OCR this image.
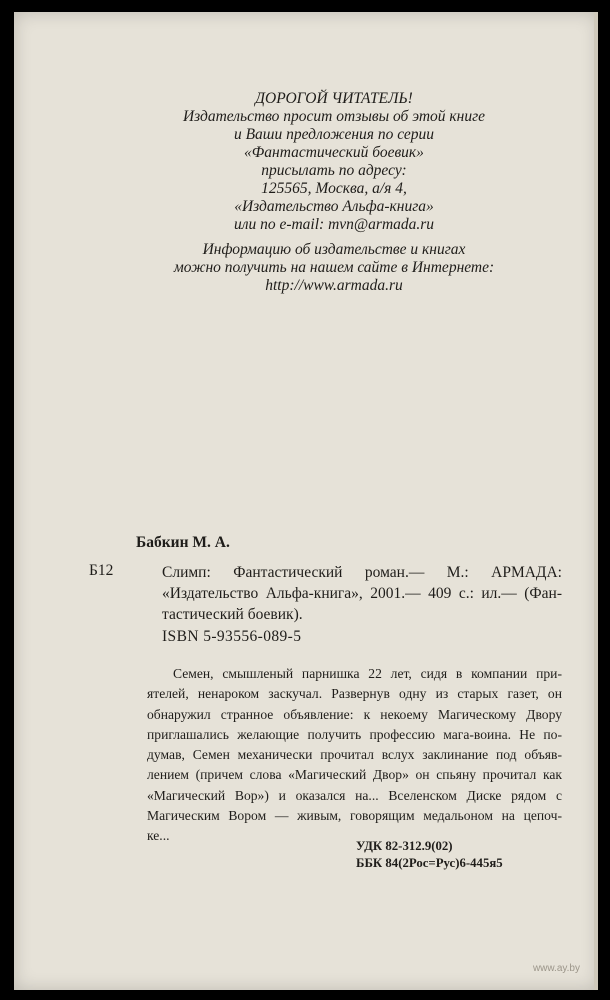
ДОРОГОЙ ЧИТАТЕЛЬ!
Издательство просит отзывы об этой книге
и Ваши предложения по серии
«Фантастический боевик»
присылать по адресу:
125565, Москва, а/я 4,
«Издательство Альфа-книга»
или по e-mail: mvn@armada.ru
Информацию об издательстве и книгах
можно получить на нашем сайте в Интернете:
http://www.armada.ru
Бабкин М. А.
Б12	Слимп: Фантастический роман.— М.: АРМАДА:
«Издательство Альфа-книга», 2001.— 409 с.: ил.— (Фан-
тастический боевик).
ISBN 5-93556-089-5
Семен, смышленый парнишка 22 лет, сидя в компании при-
ятелей, ненароком заскучал. Развернув одну из старых газет, он
обнаружил странное объявление: к некоему Магическому Двору
приглашались желающие получить профессию мага-воина. Не по-
думав, Семен механически прочитал вслух заклинание под объяв-
лением (причем слова «Магический Двор» он спьяну прочитал как
«Магический Вор») и оказался на... Вселенском Диске рядом с
Магическим Вором — живым, говорящим медальоном на цепоч-
ке...
УДК 82-312.9(02)
ББК 84(2Рос=Рус)6-445я5
www.ay.by
